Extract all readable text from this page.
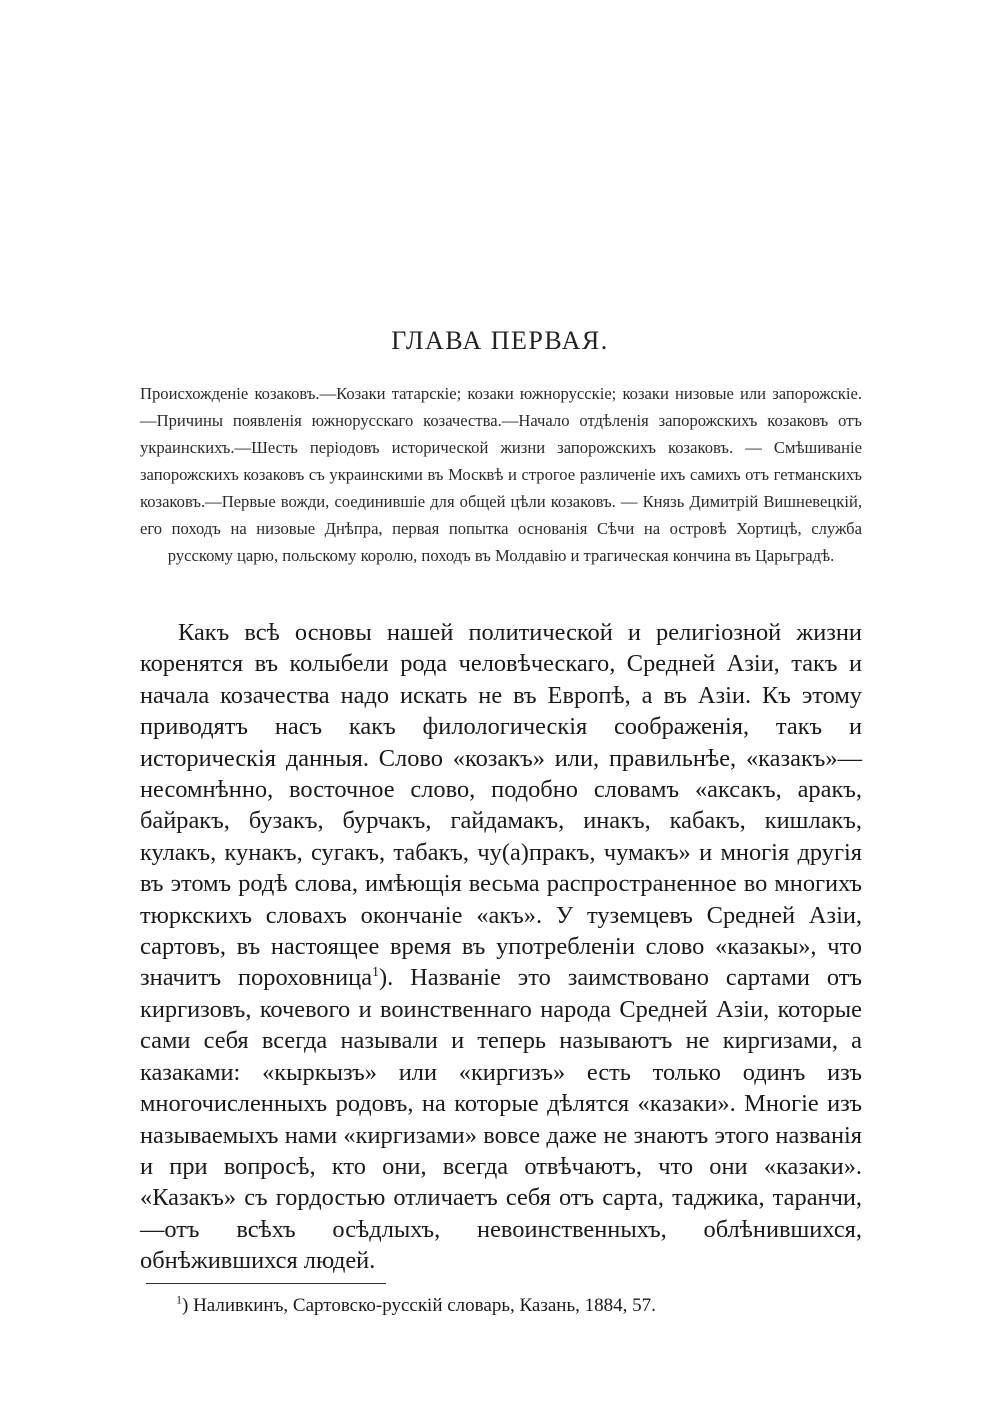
ГЛАВА ПЕРВАЯ.

Происхожденіе козаковъ.—Козаки татарскіе; козаки южнорусскіе; козаки низовые или запорожскіе.—Причины появленія южнорусскаго козачества.—Начало отдѣленія запорожскихъ козаковъ отъ украинскихъ.—Шесть періодовъ исторической жизни запорожскихъ козаковъ. — Смѣшиваніе запорожскихъ козаковъ съ украинскими въ Москвѣ и строгое различеніе ихъ самихъ отъ гетманскихъ козаковъ.—Первые вожди, соединившіе для общей цѣли козаковъ. — Князь Димитрій Вишневецкій, его походъ на низовые Днѣпра, первая попытка основанія Сѣчи на островѣ Хортицѣ, служба русскому царю, польскому королю, походъ въ Молдавію и трагическая кончина въ Царьградѣ.

Какъ всѣ основы нашей политической и религіозной жизни коренятся въ колыбели рода человѣческаго, Средней Азіи, такъ и начала козачества надо искать не въ Европѣ, а въ Азіи. Къ этому приводятъ насъ какъ филологическія соображенія, такъ и историческія данныя. Слово «козакъ» или, правильнѣе, «казакъ»—несомнѣнно, восточное слово, подобно словамъ «аксакъ, аракъ, байракъ, бузакъ, бурчакъ, гайдамакъ, инакъ, кабакъ, кишлакъ, кулакъ, кунакъ, сугакъ, табакъ, чу(а)пракъ, чумакъ» и многія другія въ этомъ родѣ слова, имѣющія весьма распространенное во многихъ тюркскихъ словахъ окончаніе «акъ». У туземцевъ Средней Азіи, сартовъ, въ настоящее время въ употребленіи слово «казакы», что значитъ пороховница$^1$). Названіе это заимствовано сартами отъ киргизовъ, кочевого и воинственнаго народа Средней Азіи, которые сами себя всегда называли и теперь называютъ не киргизами, а казаками: «кыркызъ» или «киргизъ» есть только одинъ изъ многочисленныхъ родовъ, на которые дѣлятся «казаки». Многіе изъ называемыхъ нами «киргизами» вовсе даже не знаютъ этого названія и при вопросѣ, кто они, всегда отвѣчаютъ, что они «казаки». «Казакъ» съ гордостью отличаетъ себя отъ сарта, таджика, таранчи,—отъ всѣхъ осѣдлыхъ, невоинственныхъ, облѣнившихся, обнѣжившихся людей.

$^1$) Наливкинъ, Сартовско-русскій словарь, Казань, 1884, 57.
